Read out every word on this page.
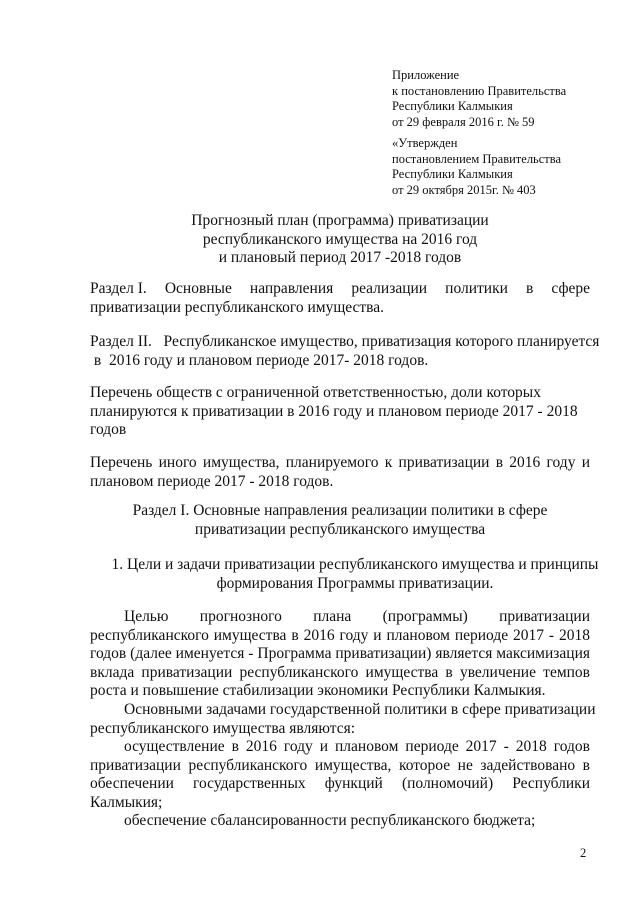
Приложение
к постановлению Правительства
Республики Калмыкия
от 29 февраля 2016 г. № 59
«Утвержден
постановлением Правительства
Республики Калмыкия
от 29 октября 2015г. № 403
Прогнозный план (программа) приватизации
республиканского имущества на 2016 год
и плановый период 2017 -2018 годов
Раздел I. Основные направления реализации политики в сфере
приватизации республиканского имущества.
Раздел II.   Республиканское имущество, приватизация которого планируется
в  2016 году и плановом периоде 2017- 2018 годов.
Перечень обществ с ограниченной ответственностью, доли которых
планируются к приватизации в 2016 году и плановом периоде 2017 - 2018
годов
Перечень иного имущества, планируемого к приватизации в 2016 году и
плановом периоде 2017 - 2018 годов.
Раздел I. Основные направления реализации политики в сфере
приватизации республиканского имущества
1. Цели и задачи приватизации республиканского имущества и принципы
формирования Программы приватизации.
Целью прогнозного плана (программы) приватизации
республиканского имущества в 2016 году и плановом периоде 2017 - 2018
годов (далее именуется - Программа приватизации) является максимизация
вклада приватизации республиканского имущества в увеличение темпов
роста и повышение стабилизации экономики Республики Калмыкия.
Основными задачами государственной политики в сфере приватизации
республиканского имущества являются:
осуществление в 2016 году и плановом периоде 2017 - 2018 годов
приватизации республиканского имущества, которое не задействовано в
обеспечении государственных функций (полномочий) Республики
Калмыкия;
обеспечение сбалансированности республиканского бюджета;
2
